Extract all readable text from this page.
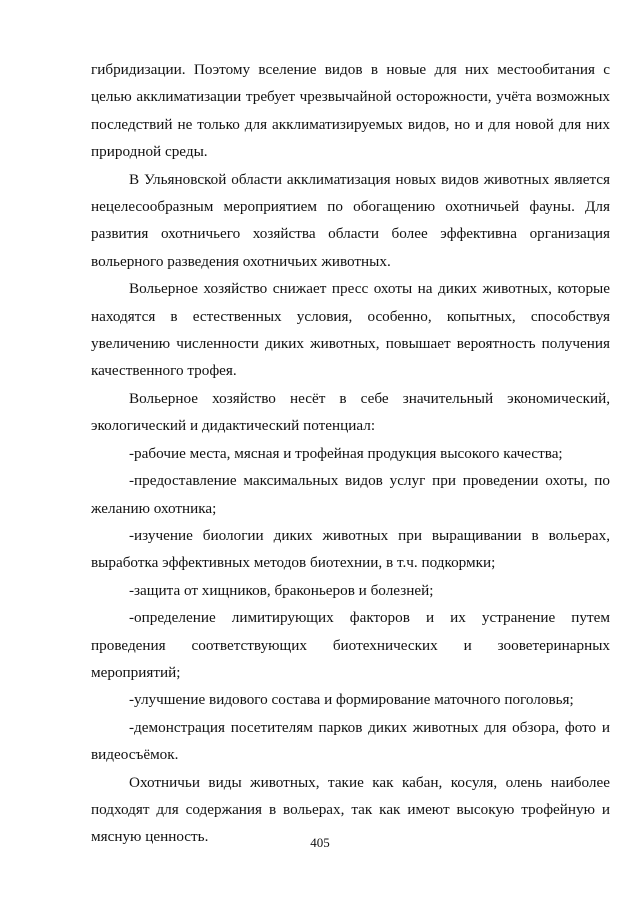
гибридизации. Поэтому вселение видов в новые для них местообитания с целью акклиматизации требует чрезвычайной осторожности, учёта возможных последствий не только для акклиматизируемых видов, но и для новой для них природной среды.

В Ульяновской области акклиматизация новых видов животных является нецелесообразным мероприятием по обогащению охотничьей фауны. Для развития охотничьего хозяйства области более эффективна организация вольерного разведения охотничьих животных.

Вольерное хозяйство снижает пресс охоты на диких животных, которые находятся в естественных условия, особенно, копытных, способствуя увеличению численности диких животных, повышает вероятность получения качественного трофея.

Вольерное хозяйство несёт в себе значительный экономический, экологический и дидактический потенциал:

-рабочие места, мясная и трофейная продукция высокого качества;

-предоставление максимальных видов услуг при проведении охоты, по желанию охотника;

-изучение биологии диких животных при выращивании в вольерах, выработка эффективных методов биотехнии, в т.ч. подкормки;

-защита от хищников, браконьеров и болезней;

-определение лимитирующих факторов и их устранение путем проведения соответствующих биотехнических и зооветеринарных мероприятий;

-улучшение видового состава и формирование маточного поголовья;

-демонстрация посетителям парков диких животных для обзора, фото и видеосъёмок.

Охотничьи виды животных, такие как кабан, косуля, олень наиболее подходят для содержания в вольерах, так как имеют высокую трофейную и мясную ценность.	405
